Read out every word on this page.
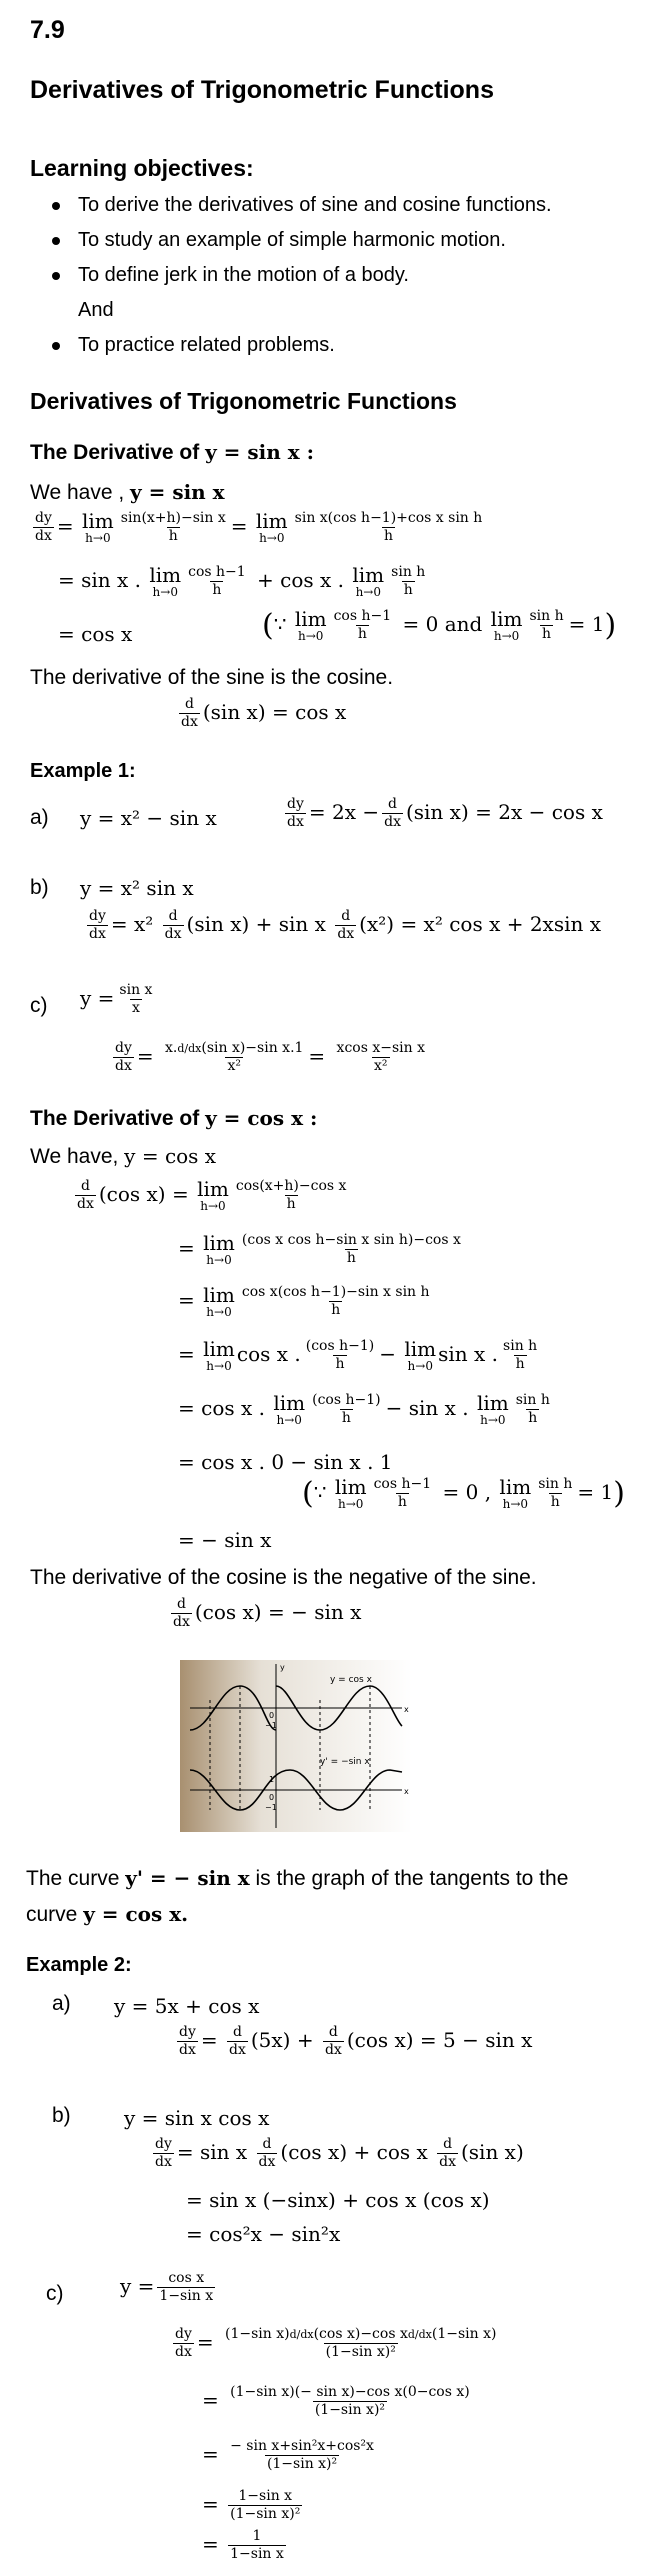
7.9
Derivatives of Trigonometric Functions
Learning objectives:
To derive the derivatives of sine and cosine functions.
To study an example of simple harmonic motion.
To define jerk in the motion of a body.
And
To practice related problems.
Derivatives of Trigonometric Functions
The Derivative of y = sin x :
We have , y = sin x
$\frac{dy}{dx} = \lim$
$h\to 0 \frac{\text{sin(x+h)−sin x}}{h} = \lim$
$h\to 0 \frac{\text{sin x(cos h−1)+cos x sin h}}{h}$
= sin x . lim
$h\to 0 \frac{\text{cos h−1}}{h} + \cos x$ . lim
$h\to 0 \frac{\text{sin h}}{h}$
= cos x	(∵ lim
$h\to 0 \frac{\text{cos h−1}}{h} = 0$ and lim
$h\to 0 \frac{\text{sin h}}{h} = 1$)
The derivative of the sine is the cosine.
$\frac{d}{dx} (\sin$ x) = cos x
Example 1:
a) y = x² − sin x	$\frac{dy}{dx} = 2x - \frac{d}{dx} (\sin$ x) = 2x − cos x
b) y = x² sin x
$\frac{dy}{dx} = x^2 \frac{d}{dx} (\sin$ x) + sin x $\frac{d}{dx} (x^2) = x^2$ cos x + 2xsin x
c) $y = \frac{\text{sin x}}{x}$
$\frac{dy}{dx} = \frac{\text{x.d/dx(sin x)−sin x.1}}{\text{x²}} = \frac{\text{xcos x−sin x}}{\text{x²}}$
The Derivative of y = cos x :
We have, y = cos x
$\frac{d}{dx} (\cos$ x) = lim
$h\to 0 \frac{\text{cos(x+h)−cos x}}{h}$
= lim
$h\to 0 \frac{\text{(cos x cos h−sin x sin h)−cos x}}{h}$
= lim
$h\to 0 \frac{\text{cos x(cos h−1)−sin x sin h}}{h}$
= lim
h→0 cos x . $\frac{\text{(cos h−1)}}{h} - \lim$
h→0 sin x . $\frac{\text{sin h}}{h}$
= cos x . lim
$h\to 0 \frac{\text{(cos h−1)}}{h} - \sin x$ . lim
$h\to 0 \frac{\text{sin h}}{h}$
= cos x . 0 − sin x . 1
(∵ lim
$h\to 0 \frac{\text{cos h−1}}{h} = 0$ , lim
$h\to 0 \frac{\text{sin h}}{h} = 1$)
= − sin x
The derivative of the cosine is the negative of the sine.
$\frac{d}{dx} (\cos$ x) = − sin x
y = cos x
y' = −sin x
y
x
x
0
−1
0
−1
1
The curve y' = − sin x is the graph of the tangents to the
curve y = cos x.
Example 2:
a) y = 5x + cos x
$\frac{dy}{dx} = \frac{d}{dx} (5x) + \frac{d}{dx} (\cos$ x) = 5 − sin x
b)	y = sin x cos x
$\frac{dy}{dx} = \sin x \frac{d}{dx} (\cos$ x) + cos x $\frac{d}{dx} (\sin$ x)
= sin x (−sinx) + cos x (cos x)
= cos²x − sin²x
c)	$y = \frac{\text{cos x}}{\text{1−sin x}}$
$\frac{dy}{dx} = \frac{\text{(1−sin x)d/dx(cos x)−cos xd/dx(1−sin x)}}{\text{(1−sin x)²}}$
= $\frac{\text{(1−sin x)(− sin x)−cos x(0−cos x)}}{\text{(1−sin x)²}}$
= $\frac{\text{− sin x+sin²x+cos²x}}{\text{(1−sin x)²}}$
= $\frac{\text{1−sin x}}{\text{(1−sin x)²}}$
= $\frac{1}{\text{1−sin x}}$
